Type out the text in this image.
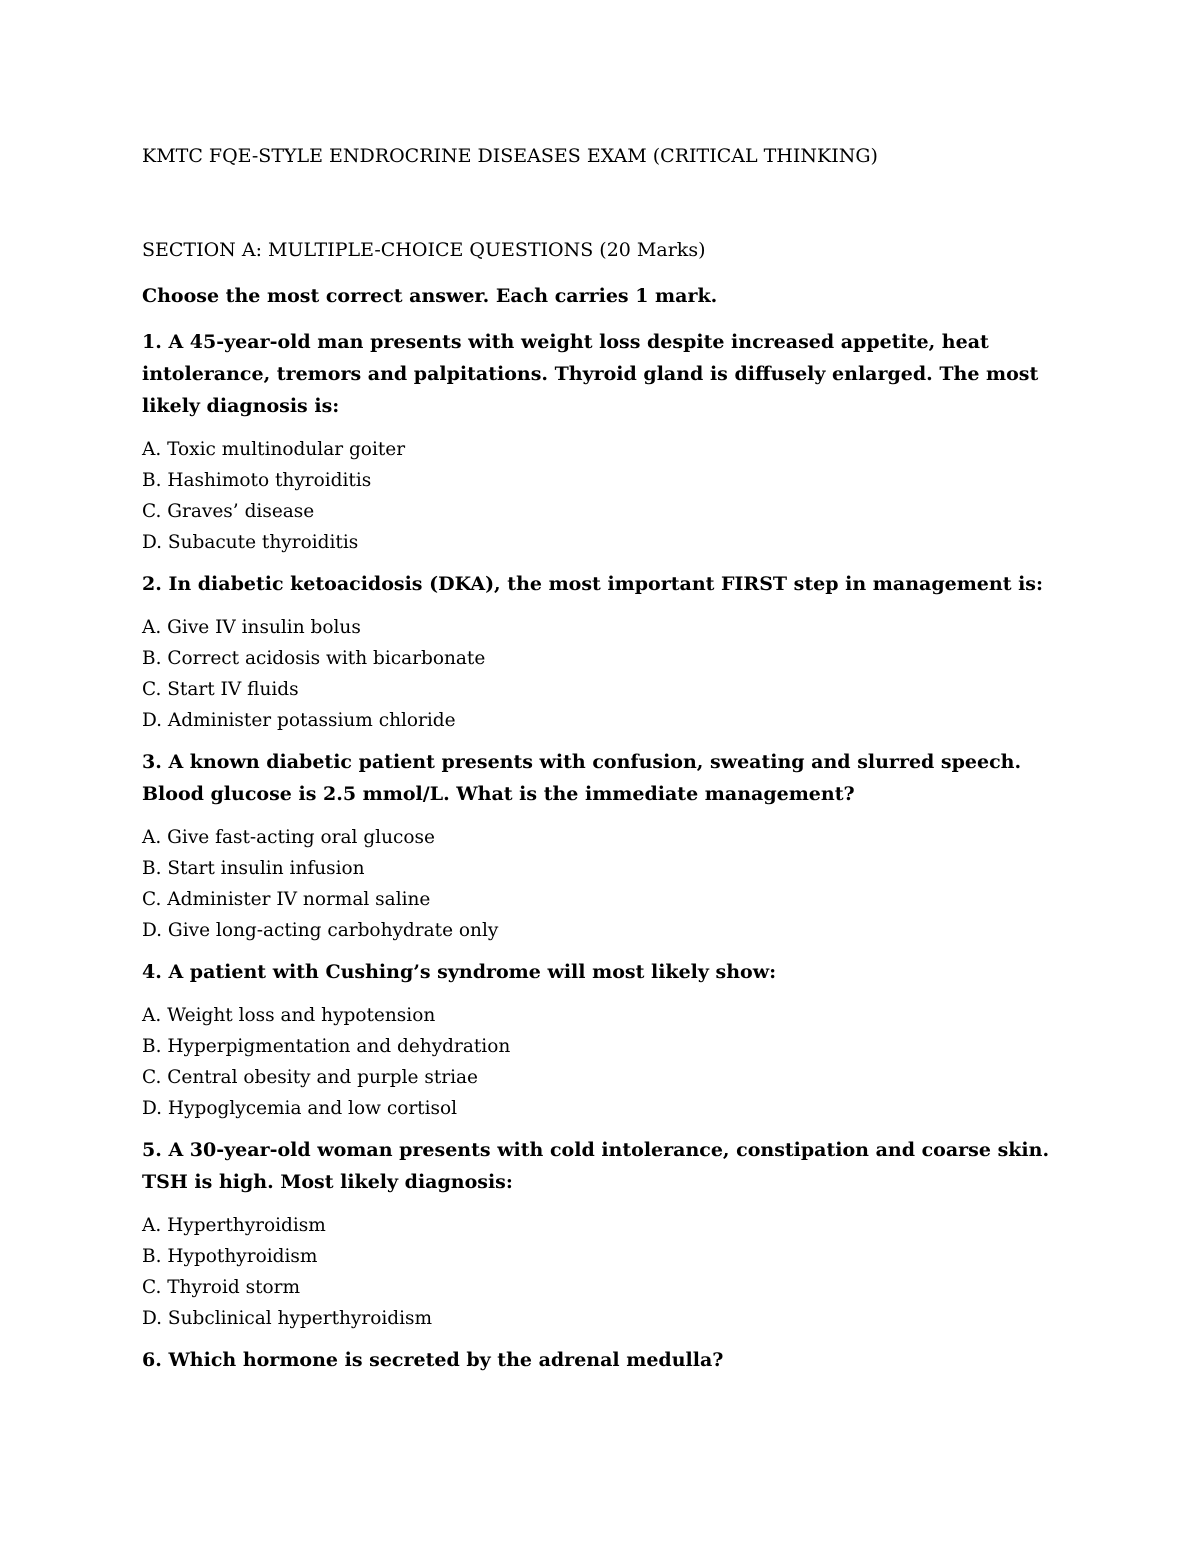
KMTC FQE-STYLE ENDROCRINE DISEASES EXAM (CRITICAL THINKING)
SECTION A: MULTIPLE-CHOICE QUESTIONS (20 Marks)
Choose the most correct answer. Each carries 1 mark.
1. A 45-year-old man presents with weight loss despite increased appetite, heat intolerance, tremors and palpitations. Thyroid gland is diffusely enlarged. The most likely diagnosis is:
A. Toxic multinodular goiter
B. Hashimoto thyroiditis
C. Graves’ disease
D. Subacute thyroiditis
2. In diabetic ketoacidosis (DKA), the most important FIRST step in management is:
A. Give IV insulin bolus
B. Correct acidosis with bicarbonate
C. Start IV fluids
D. Administer potassium chloride
3. A known diabetic patient presents with confusion, sweating and slurred speech. Blood glucose is 2.5 mmol/L. What is the immediate management?
A. Give fast-acting oral glucose
B. Start insulin infusion
C. Administer IV normal saline
D. Give long-acting carbohydrate only
4. A patient with Cushing’s syndrome will most likely show:
A. Weight loss and hypotension
B. Hyperpigmentation and dehydration
C. Central obesity and purple striae
D. Hypoglycemia and low cortisol
5. A 30-year-old woman presents with cold intolerance, constipation and coarse skin. TSH is high. Most likely diagnosis:
A. Hyperthyroidism
B. Hypothyroidism
C. Thyroid storm
D. Subclinical hyperthyroidism
6. Which hormone is secreted by the adrenal medulla?
